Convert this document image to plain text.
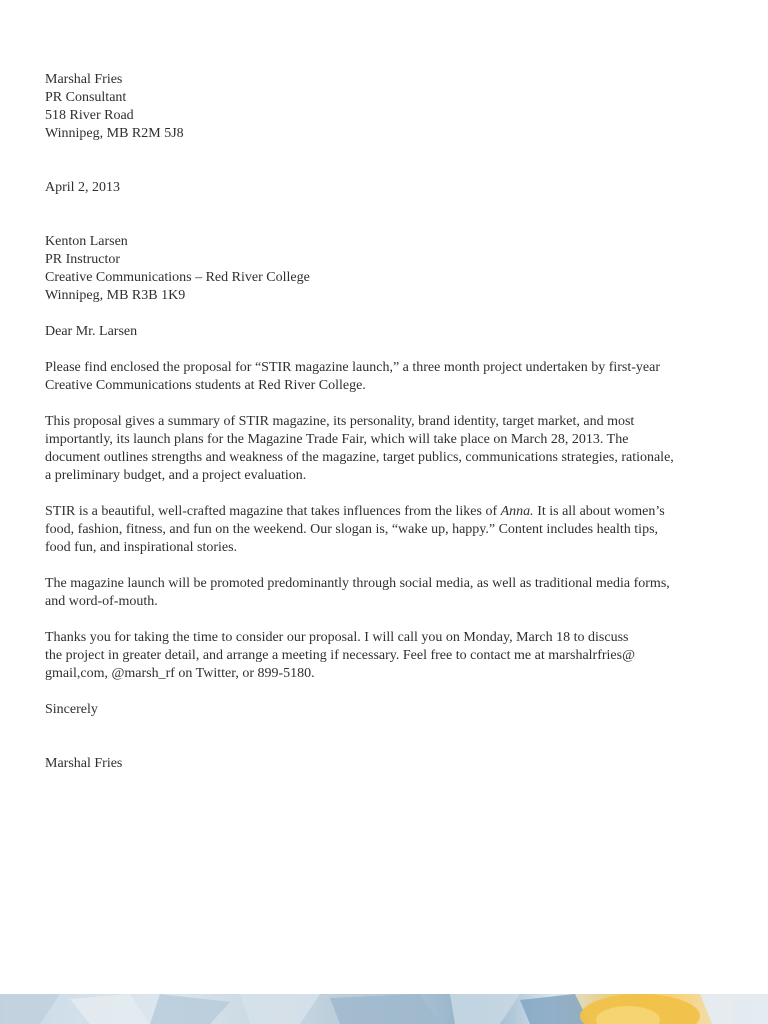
Marshal Fries

PR Consultant

518 River Road

Winnipeg, MB R2M 5J8

April 2, 2013

Kenton Larsen

PR Instructor

Creative Communications – Red River College

Winnipeg, MB R3B 1K9

Dear Mr. Larsen

Please find enclosed the proposal for “STIR magazine launch,” a three month project undertaken by first-year
Creative Communications students at Red River College.
This proposal gives a summary of STIR magazine, its personality, brand identity, target market, and most
importantly, its launch plans for the Magazine Trade Fair, which will take place on March 28, 2013. The
document outlines strengths and weakness of the magazine, target publics, communications strategies, rationale,
a preliminary budget, and a project evaluation.
STIR is a beautiful, well-crafted magazine that takes influences from the likes of Anna. It is all about women’s
food, fashion, fitness, and fun on the weekend. Our slogan is, “wake up, happy.” Content includes health tips,
food fun, and inspirational stories.
The magazine launch will be promoted predominantly through social media, as well as traditional media forms,
and word-of-mouth.
Thanks you for taking the time to consider our proposal. I will call you on Monday, March 18 to discuss
the project in greater detail, and arrange a meeting if necessary. Feel free to contact me at marshalrfries@
gmail,com, @marsh_rf on Twitter, or 899-5180.

Sincerely

Marshal Fries
